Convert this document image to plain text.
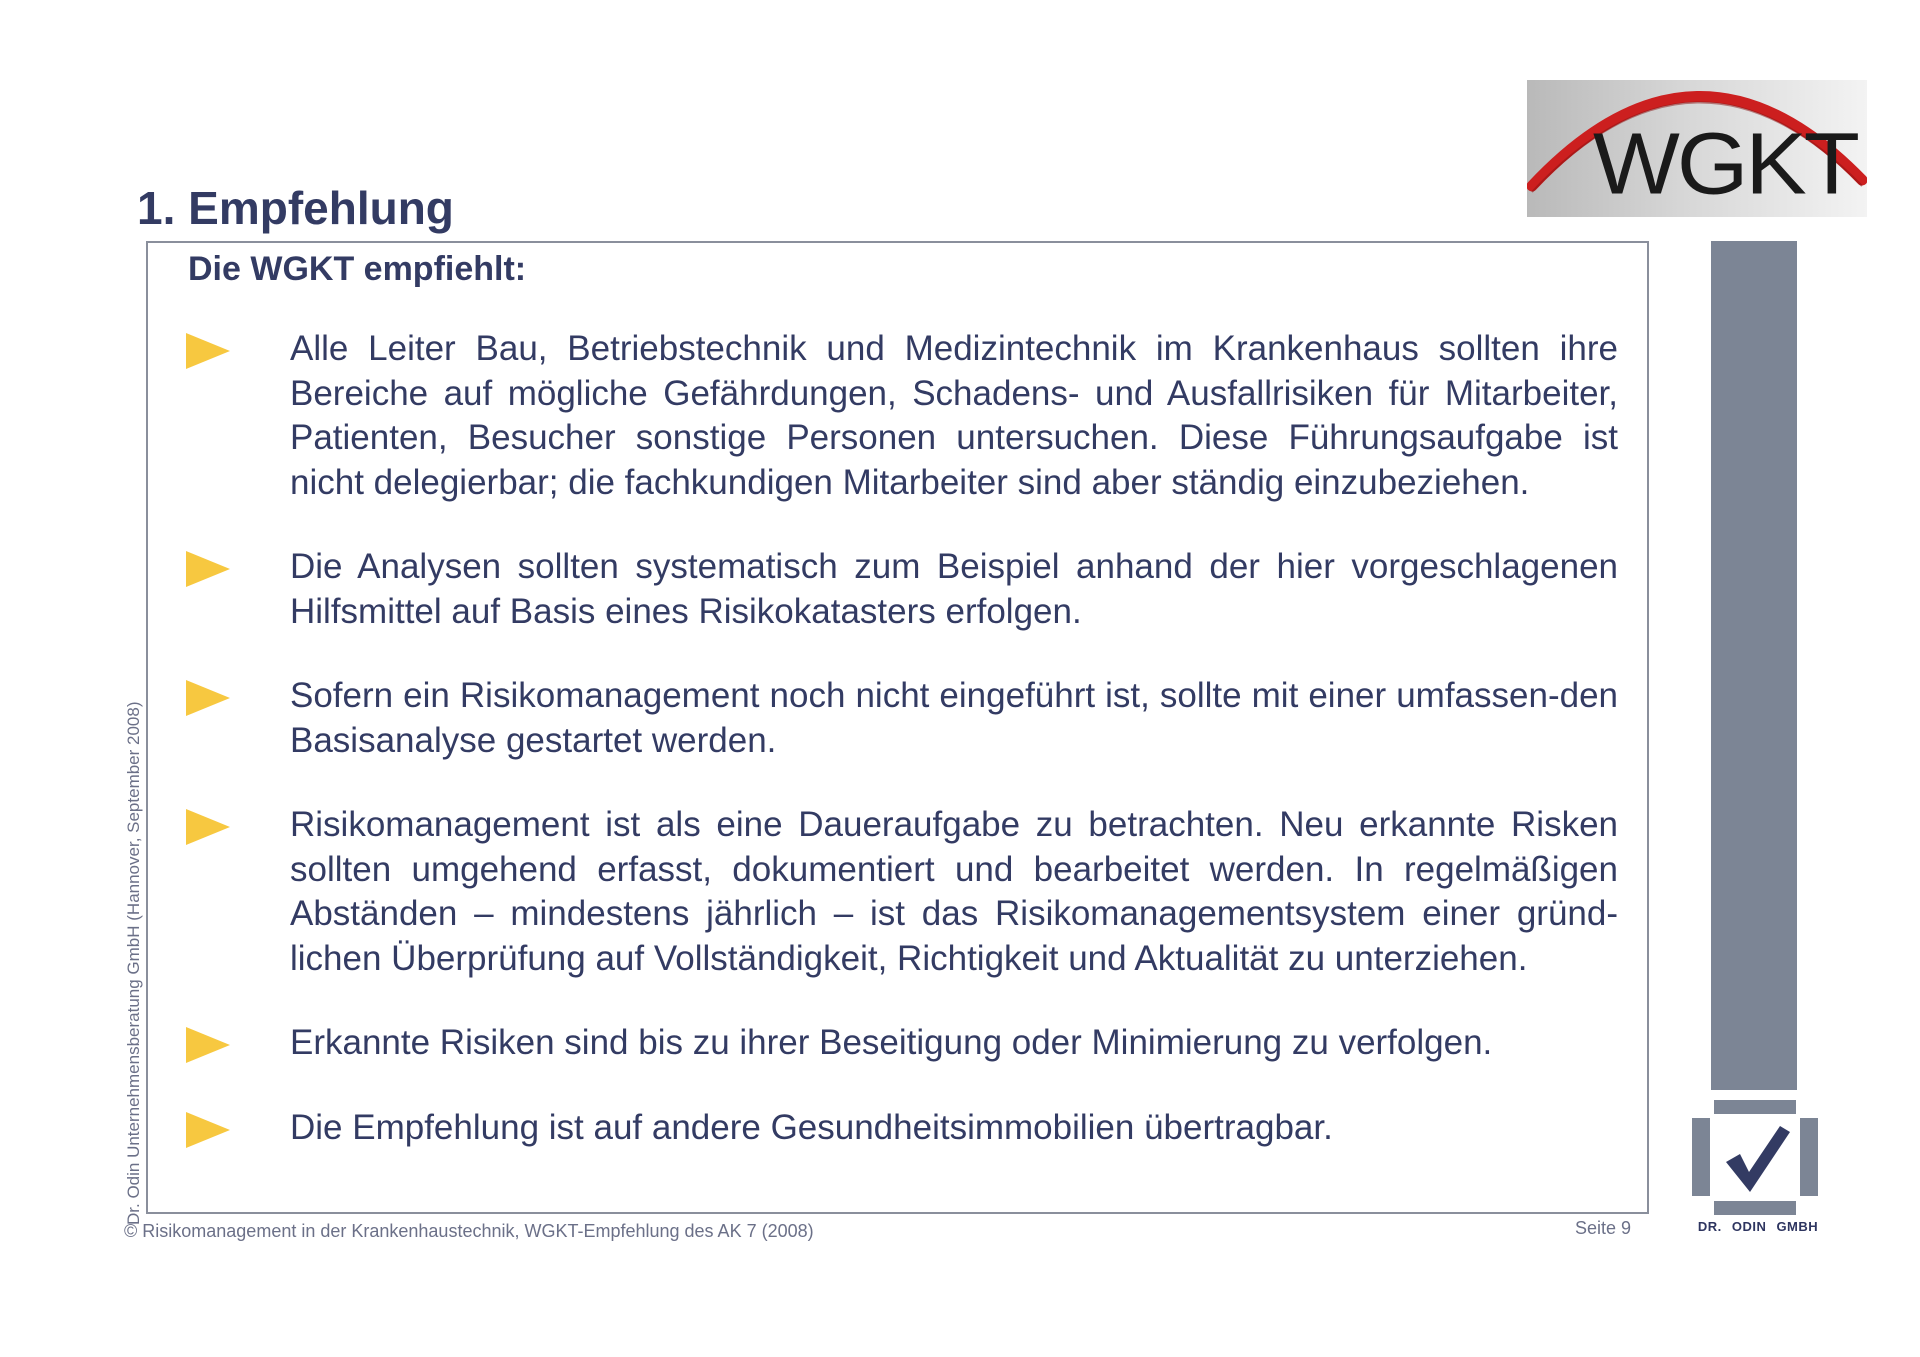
WGKT
1. Empfehlung
Die WGKT empfiehlt:

Alle Leiter Bau, Betriebstechnik und Medizintechnik im Krankenhaus sollten ihre Bereiche auf mögliche Gefährdungen, Schadens- und Ausfallrisiken für Mitarbeiter, Patienten, Besucher sonstige Personen untersuchen. Diese Führungsaufgabe ist nicht delegierbar; die fachkundigen Mitarbeiter sind aber ständig einzubeziehen.

Die Analysen sollten systematisch zum Beispiel anhand der hier vorgeschlagenen Hilfsmittel auf Basis eines Risikokatasters erfolgen.

Sofern ein Risikomanagement noch nicht eingeführt ist, sollte mit einer umfassen-den Basisanalyse gestartet werden.

Risikomanagement ist als eine Daueraufgabe zu betrachten. Neu erkannte Risken sollten umgehend erfasst, dokumentiert und bearbeitet werden. In regelmäßigen Abständen – mindestens jährlich – ist das Risikomanagementsystem einer gründ-lichen Überprüfung auf Vollständigkeit, Richtigkeit und Aktualität zu unterziehen.

Erkannte Risiken sind bis zu ihrer Beseitigung oder Minimierung zu verfolgen.

Die Empfehlung ist auf andere Gesundheitsimmobilien übertragbar.

DR. ODIN GMBH
Dr. Odin Unternehmensberatung GmbH (Hannover, September 2008)
© Risikomanagement in der Krankenhaustechnik, WGKT-Empfehlung des AK 7 (2008)	Seite 9
